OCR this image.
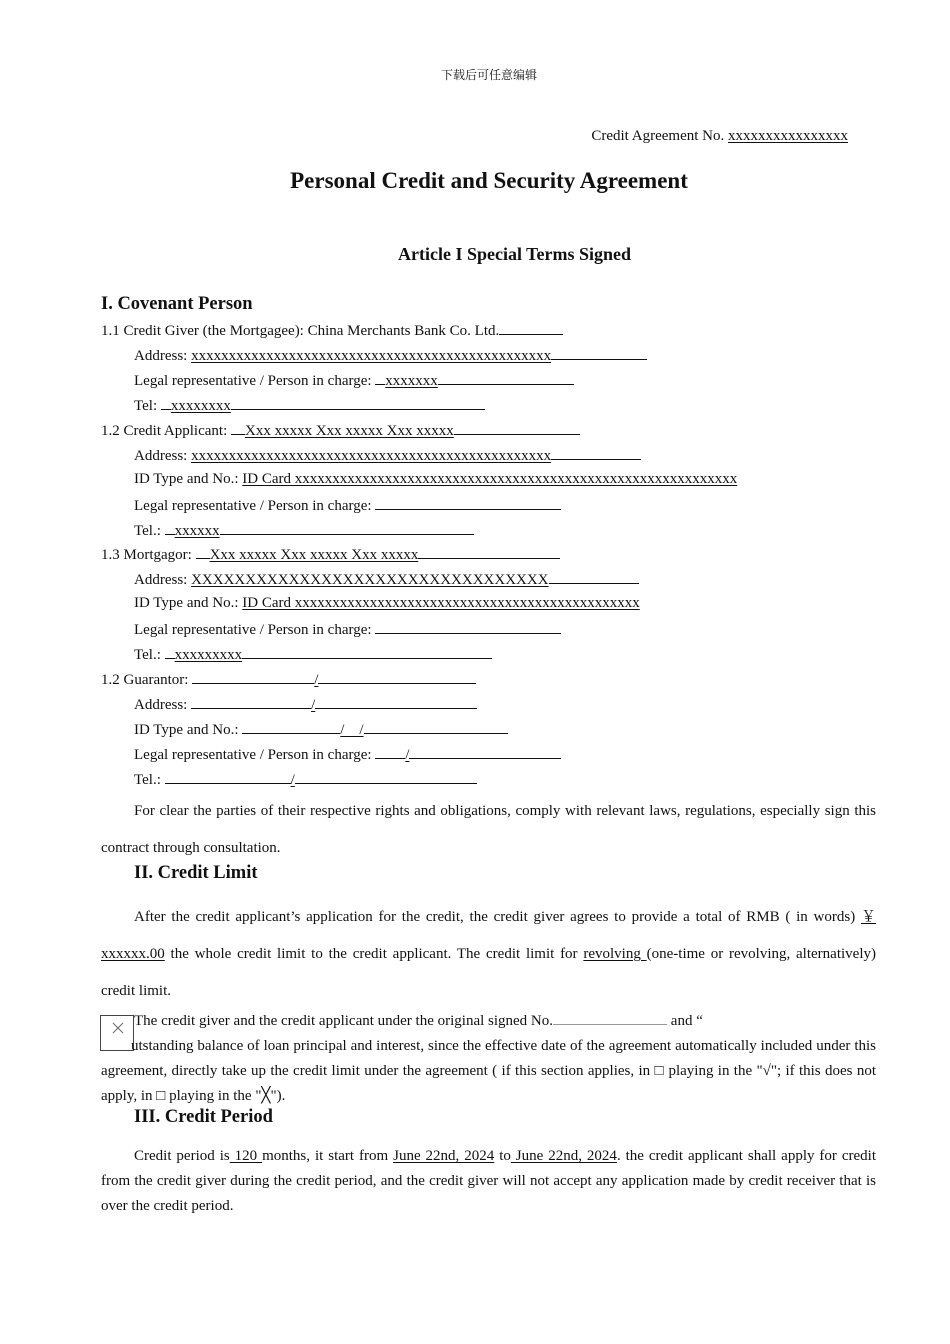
下载后可任意编辑
Credit Agreement No. xxxxxxxxxxxxxxxx
Personal Credit and Security Agreement
Article I Special Terms Signed
I. Covenant Person
1.1 Credit Giver (the Mortgagee): China Merchants Bank Co. Ltd.
Address: xxxxxxxxxxxxxxxxxxxxxxxxxxxxxxxxxxxxxxxxxxxxxxxx
Legal representative / Person in charge: xxxxxxx
Tel: xxxxxxxx
1.2 Credit Applicant: Xxx xxxxx Xxx xxxxx Xxx xxxxx
Address: xxxxxxxxxxxxxxxxxxxxxxxxxxxxxxxxxxxxxxxxxxxxxxxx
ID Type and No.: ID Card xxxxxxxxxxxxxxxxxxxxxxxxxxxxxxxxxxxxxxxxxxxxxxxxxxxxxxxxxxx
Legal representative / Person in charge:
Tel.: xxxxxx
1.3 Mortgagor: Xxx xxxxx Xxx xxxxx Xxx xxxxx
Address: XXXXXXXXXXXXXXXXXXXXXXXXXXXXXXXXX
ID Type and No.: ID Card xxxxxxxxxxxxxxxxxxxxxxxxxxxxxxxxxxxxxxxxxxxxxx
Legal representative / Person in charge:
Tel.: xxxxxxxxx
1.2 Guarantor:	/
Address:	/
ID Type and No.:	/    /
Legal representative / Person in charge: /
Tel.:	/
For clear the parties of their respective rights and obligations, comply with relevant laws, regulations, especially sign this contract through consultation.
II. Credit Limit
After the credit applicant’s application for the credit, the credit giver agrees to provide a total of RMB ( in words) ￥ xxxxxx.00 the whole credit limit to the credit applicant. The credit limit for revolving (one-time or revolving, alternatively) credit limit.
The credit giver and the credit applicant under the original signed No.	and “
utstanding balance of loan principal and interest, since the effective date of the agreement automatically included under this agreement, directly take up the credit limit under the agreement ( if this section applies, in □ playing in the "√"; if this does not apply, in □ playing in the "╳").
III. Credit Period
Credit period is 120 months, it start from June 22nd, 2024 to June 22nd, 2024. the credit applicant shall apply for credit from the credit giver during the credit period, and the credit giver will not accept any application made by credit receiver that is over the credit period.
